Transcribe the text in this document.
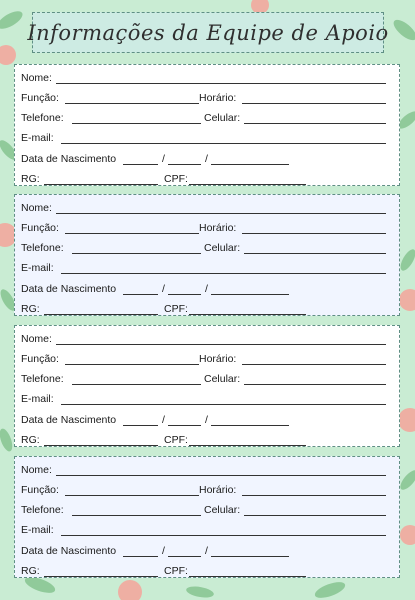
Informações da Equipe de Apoio
Nome:
Função:	Horário:
Telefone:	Celular:
E-mail:
Data de Nascimento	/	/
RG:	CPF:
Nome:
Função:	Horário:
Telefone:	Celular:
E-mail:
Data de Nascimento	/	/
RG:	CPF:
Nome:
Função:	Horário:
Telefone:	Celular:
E-mail:
Data de Nascimento	/	/
RG:	CPF:
Nome:
Função:	Horário:
Telefone:	Celular:
E-mail:
Data de Nascimento	/	/
RG:	CPF:
